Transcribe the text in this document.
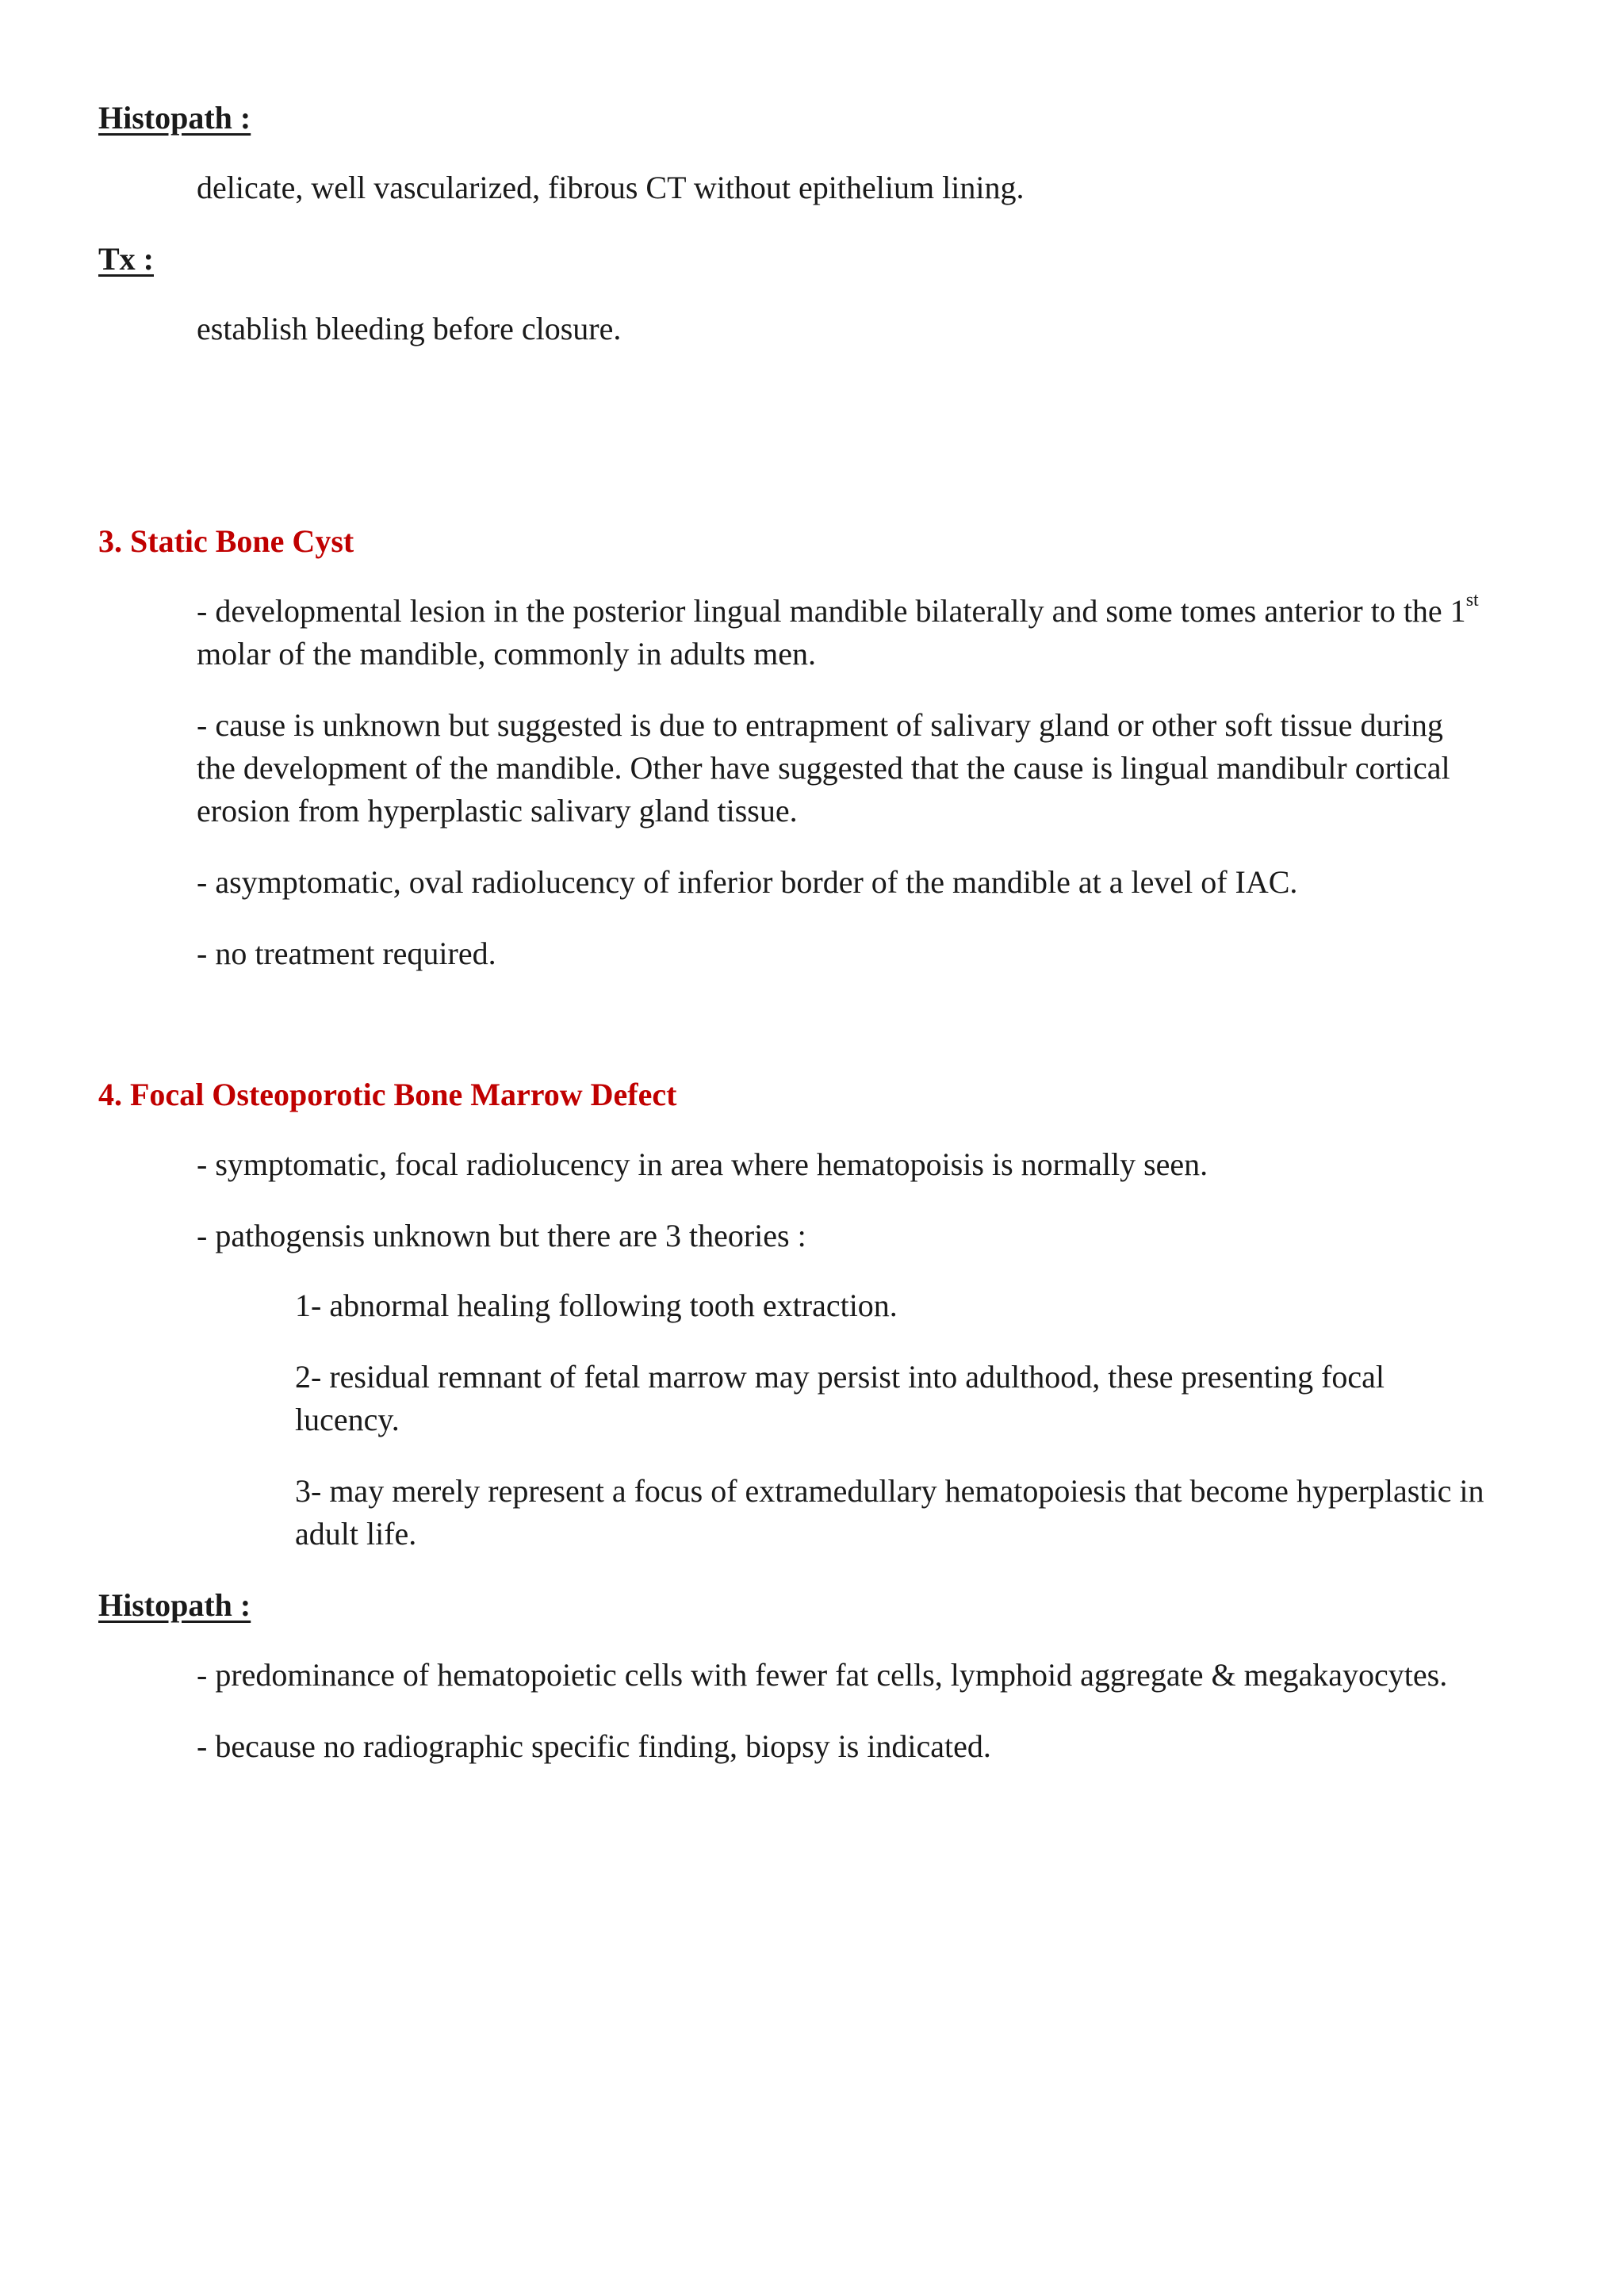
Histopath :
delicate, well vascularized, fibrous CT without epithelium lining.
Tx :
establish bleeding before closure.
3. Static Bone Cyst
- developmental lesion in the posterior lingual mandible bilaterally and some tomes anterior to the 1st
molar of the mandible, commonly in adults men.
- cause is unknown but suggested is due to entrapment of salivary gland or other soft tissue during
the development of the mandible. Other have suggested that the cause is lingual mandibulr cortical
erosion from hyperplastic salivary gland tissue.
- asymptomatic, oval radiolucency of inferior border of the mandible at a level of IAC.
- no treatment required.
4. Focal Osteoporotic Bone Marrow Defect
- symptomatic, focal radiolucency in area where hematopoisis is normally seen.
- pathogensis unknown but there are 3 theories :
1- abnormal healing following tooth extraction.
2- residual remnant of fetal marrow may persist into adulthood, these presenting focal
lucency.
3- may merely represent a focus of extramedullary hematopoiesis that become hyperplastic in
adult life.
Histopath :
- predominance of hematopoietic cells with fewer fat cells, lymphoid aggregate & megakayocytes.
- because no radiographic specific finding, biopsy is indicated.
